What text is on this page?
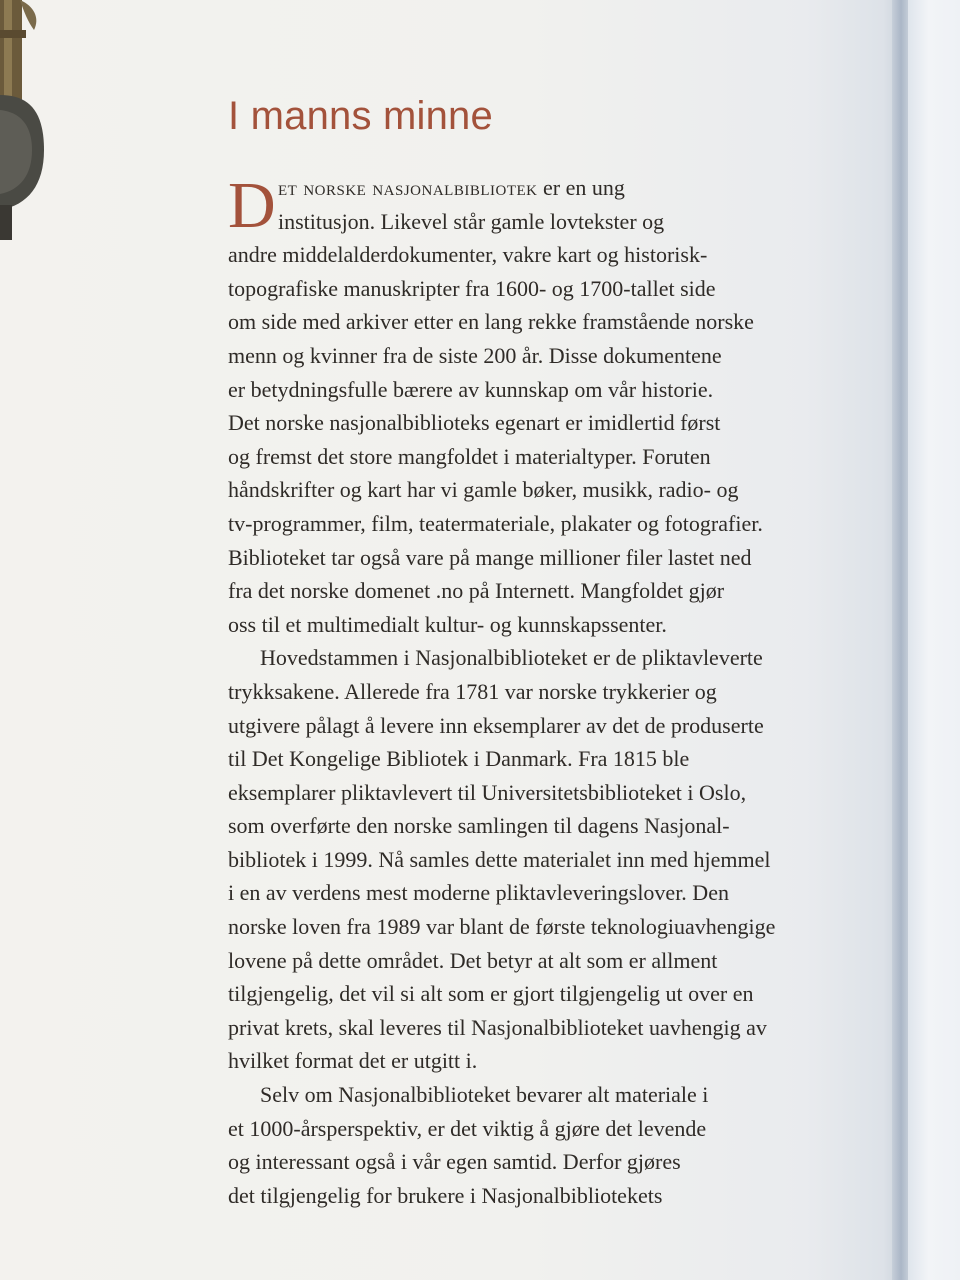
I manns minne
D et norske nasjonalbibliotek er en ung
institusjon. Likevel står gamle lovtekster og
andre middelalderdokumenter, vakre kart og historisk-
topografiske manuskripter fra 1600- og 1700-tallet side
om side med arkiver etter en lang rekke framstående norske
menn og kvinner fra de siste 200 år. Disse dokumentene
er betydningsfulle bærere av kunnskap om vår historie.
Det norske nasjonalbiblioteks egenart er imidlertid først
og fremst det store mangfoldet i materialtyper. Foruten
håndskrifter og kart har vi gamle bøker, musikk, radio- og
tv-programmer, film, teatermateriale, plakater og fotografier.
Biblioteket tar også vare på mange millioner filer lastet ned
fra det norske domenet .no på Internett. Mangfoldet gjør
oss til et multimedialt kultur- og kunnskapssenter.
Hovedstammen i Nasjonalbiblioteket er de pliktavleverte
trykksakene. Allerede fra 1781 var norske trykkerier og
utgivere pålagt å levere inn eksemplarer av det de produserte
til Det Kongelige Bibliotek i Danmark. Fra 1815 ble
eksemplarer pliktavlevert til Universitetsbiblioteket i Oslo,
som overførte den norske samlingen til dagens Nasjonal-
bibliotek i 1999. Nå samles dette materialet inn med hjemmel
i en av verdens mest moderne pliktavleveringslover. Den
norske loven fra 1989 var blant de første teknologiuavhengige
lovene på dette området. Det betyr at alt som er allment
tilgjengelig, det vil si alt som er gjort tilgjengelig ut over en
privat krets, skal leveres til Nasjonalbiblioteket uavhengig av
hvilket format det er utgitt i.
Selv om Nasjonalbiblioteket bevarer alt materiale i
et 1000-årsperspektiv, er det viktig å gjøre det levende
og interessant også i vår egen samtid. Derfor gjøres
det tilgjengelig for brukere i Nasjonalbibliotekets
